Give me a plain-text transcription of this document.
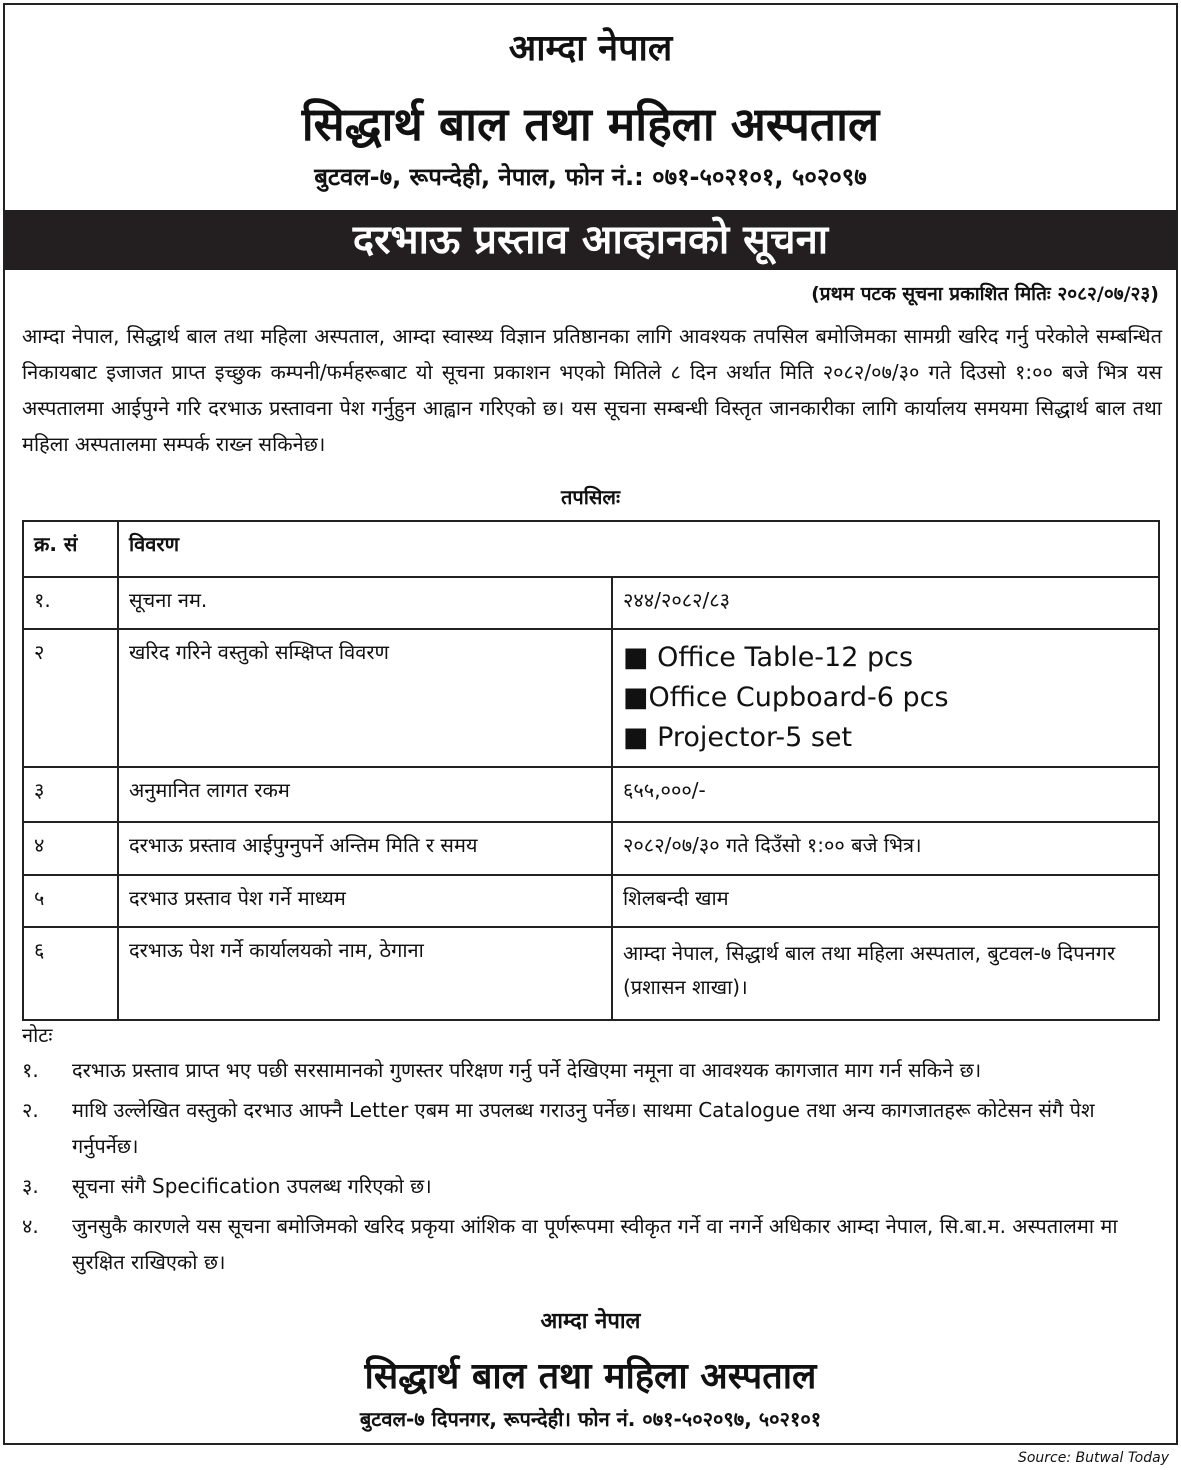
आम्दा नेपाल
सिद्धार्थ बाल तथा महिला अस्पताल
बुटवल-७, रूपन्देही, नेपाल, फोन नं.: ०७१-५०२१०१, ५०२०९७
दरभाऊ प्रस्ताव आव्हानको सूचना
(प्रथम पटक सूचना प्रकाशित मितिः २०८२/०७/२३)
आम्दा नेपाल, सिद्धार्थ बाल तथा महिला अस्पताल, आम्दा स्वास्थ्य विज्ञान प्रतिष्ठानका लागि आवश्यक तपसिल बमोजिमका सामग्री खरिद गर्नु परेकोले सम्बन्धित निकायबाट इजाजत प्राप्त इच्छुक कम्पनी/फर्महरूबाट यो सूचना प्रकाशन भएको मितिले ८ दिन अर्थात मिति २०८२/०७/३० गते दिउसो १:०० बजे भित्र यस अस्पतालमा आईपुग्ने गरि दरभाऊ प्रस्तावना पेश गर्नुहुन आह्वान गरिएको छ। यस सूचना सम्बन्धी विस्तृत जानकारीका लागि कार्यालय समयमा सिद्धार्थ बाल तथा महिला अस्पतालमा सम्पर्क राख्न सकिनेछ।
तपसिलः
क्र. सं	विवरण	
१.	सूचना नम.	२४४/२०८२/८३
२	खरिद गरिने वस्तुको सम्क्षिप्त विवरण	■ Office Table-12 pcs
■Office Cupboard-6 pcs
■ Projector-5 set

३	अनुमानित लागत रकम	६५५,०००/-
४	दरभाऊ प्रस्ताव आईपुग्नुपर्ने अन्तिम मिति र समय	२०८२/०७/३० गते दिउँसो १:०० बजे भित्र।
५	दरभाउ प्रस्ताव पेश गर्ने माध्यम	शिलबन्दी खाम
६	दरभाऊ पेश गर्ने कार्यालयको नाम, ठेगाना	आम्दा नेपाल, सिद्धार्थ बाल तथा महिला अस्पताल, बुटवल-७ दिपनगर (प्रशासन शाखा)।
नोटः
१.	दरभाऊ प्रस्ताव प्राप्त भए पछी सरसामानको गुणस्तर परिक्षण गर्नु पर्ने देखिएमा नमूना वा आवश्यक कागजात माग गर्न सकिने छ।
२.	माथि उल्लेखित वस्तुको दरभाउ आफ्नै Letter एबम मा उपलब्ध गराउनु पर्नेछ। साथमा Catalogue तथा अन्य कागजातहरू कोटेसन संगै पेश गर्नुपर्नेछ।
३.	सूचना संगै Specification उपलब्ध गरिएको छ।
४.	जुनसुकै कारणले यस सूचना बमोजिमको खरिद प्रकृया आंशिक वा पूर्णरूपमा स्वीकृत गर्ने वा नगर्ने अधिकार आम्दा नेपाल, सि.बा.म. अस्पतालमा मा सुरक्षित राखिएको छ।
आम्दा नेपाल
सिद्धार्थ बाल तथा महिला अस्पताल
बुटवल-७ दिपनगर, रूपन्देही। फोन नं. ०७१-५०२०९७, ५०२१०१
Source: Butwal Today
